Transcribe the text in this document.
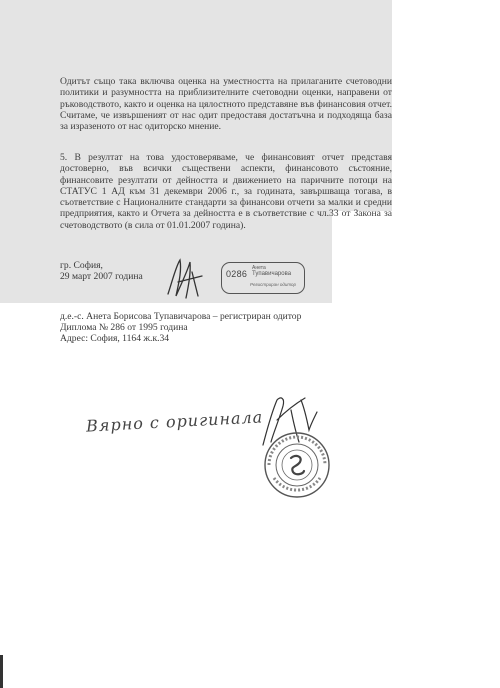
Одитът също така включва оценка на уместността на прилаганите счетоводни политики и разумността на приблизителните счетоводни оценки, направени от ръководството, както и оценка на цялостното представяне във финансовия отчет. Считаме, че извършеният от нас одит предоставя достатъчна и подходяща база за изразеното от нас одиторско мнение.
5. В резултат на това удостоверяваме, че финансовият отчет представя достоверно, във всички съществени аспекти, финансовото състояние, финансовите резултати от дейността и движението на паричните потоци на СТАТУС 1 АД към 31 декември 2006 г., за годината, завършваща тогава, в съответствие с Националните стандарти за финансови отчети за малки и средни предприятия, както и Отчета за дейността е в съответствие с чл.33 от Закона за счетоводството (в сила от 01.01.2007 година).
гр. София,
29 март 2007 година	0286
Анета
Тупавичарова
Регистриран одитор
д.е.-с. Анета Борисова Тупавичарова – регистриран одитор
Диплома № 286 от 1995 година
Адрес: София, 1164 ж.к.34
Вярно с оригинала
